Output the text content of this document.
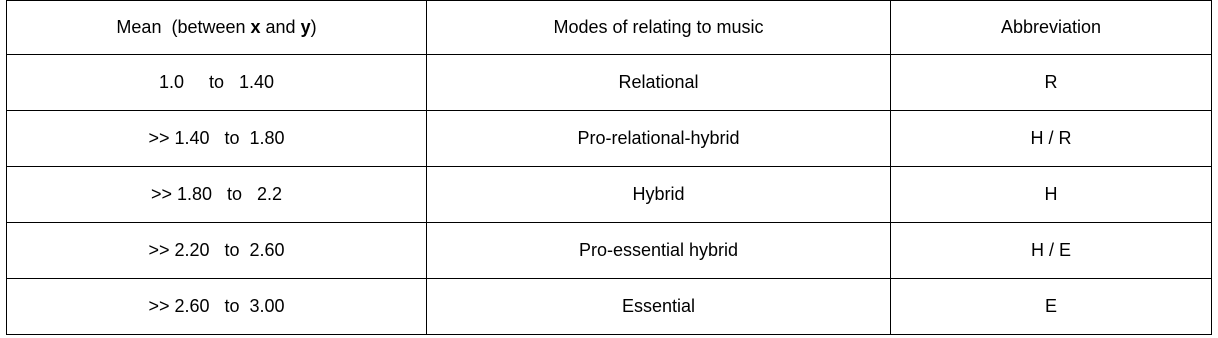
Mean  (between x and y)	Modes of relating to music	Abbreviation
1.0     to   1.40	Relational	R
>> 1.40   to  1.80	Pro-relational-hybrid	H / R
>> 1.80   to   2.2	Hybrid	H
>> 2.20   to  2.60	Pro-essential hybrid	H / E
>> 2.60   to  3.00	Essential	E
